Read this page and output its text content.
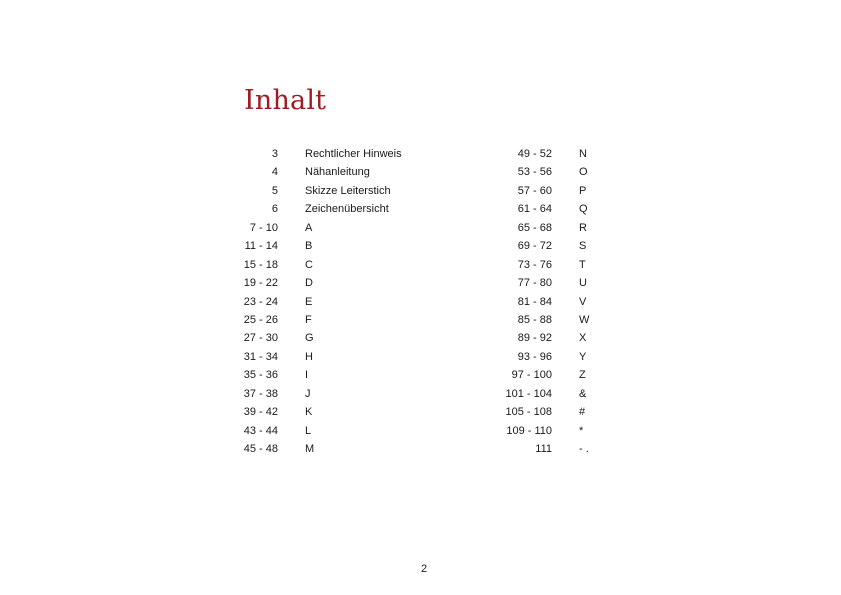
Inhalt
3 Rechtlicher Hinweis
4 Nähanleitung
5 Skizze Leiterstich
6 Zeichenübersicht
7 - 10 A
11 - 14 B
15 - 18 C
19 - 22 D
23 - 24 E
25 - 26 F
27 - 30 G
31 - 34 H
35 - 36 I
37 - 38 J
39 - 42 K
43 - 44 L
45 - 48 M
49 - 52 N
53 - 56 O
57 - 60 P
61 - 64 Q
65 - 68 R
69 - 72 S
73 - 76 T
77 - 80 U
81 - 84 V
85 - 88 W
89 - 92 X
93 - 96 Y
97 - 100 Z
101 - 104 &
105 - 108 #
109 - 110 *
111 - .
2
